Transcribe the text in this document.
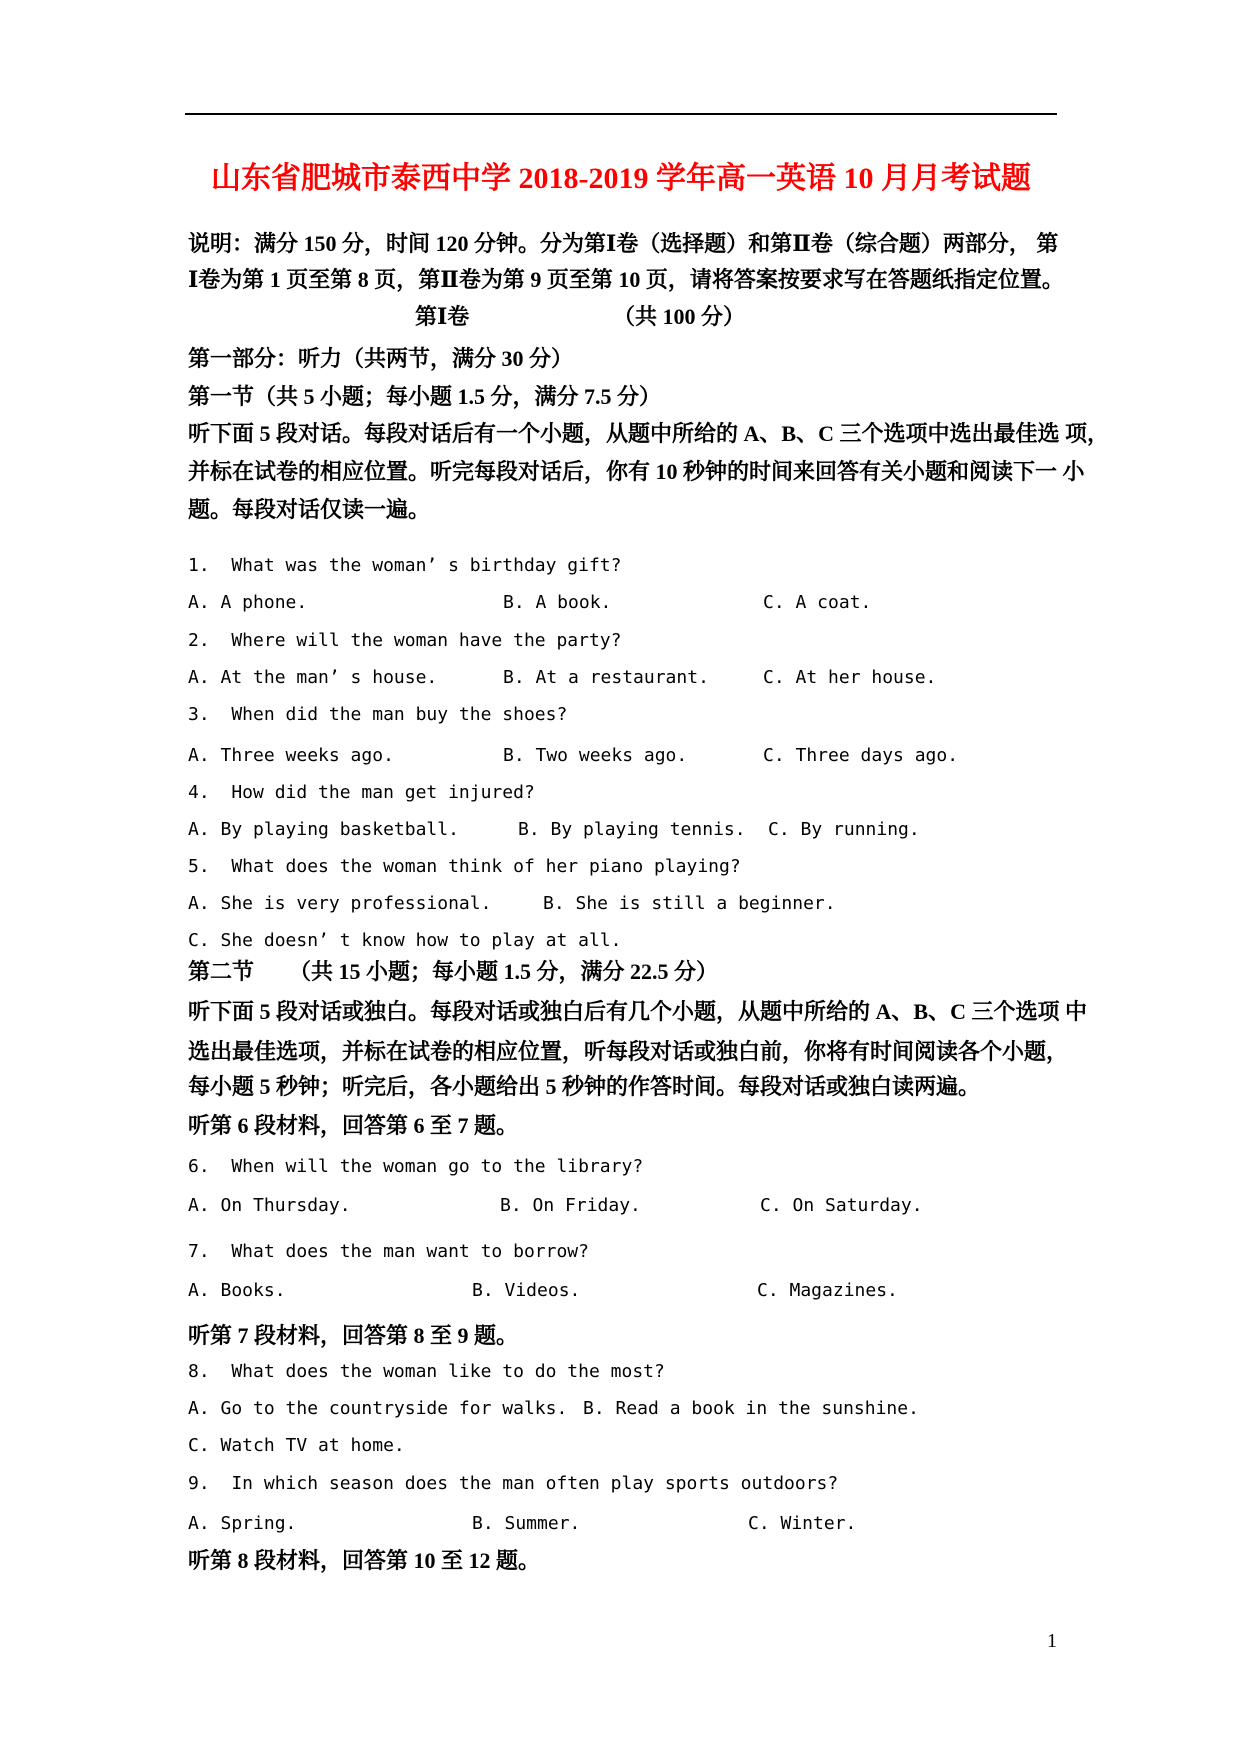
山东省肥城市泰西中学 2018-2019 学年高一英语 10 月月考试题
说明：满分 150 分，时间 120 分钟。分为第Ⅰ卷（选择题）和第Ⅱ卷（综合题）两部分， 第
Ⅰ卷为第 1 页至第 8 页，第Ⅱ卷为第 9 页至第 10 页，请将答案按要求写在答题纸指定位置。
第Ⅰ卷	（共 100 分）
第一部分：听力（共两节，满分 30 分）
第一节（共 5 小题；每小题 1.5 分，满分 7.5 分）
听下面 5 段对话。每段对话后有一个小题，从题中所给的 A、B、C 三个选项中选出最佳选 项，
并标在试卷的相应位置。听完每段对话后，你有 10 秒钟的时间来回答有关小题和阅读下一 小
题。每段对话仅读一遍。
1.  What was the woman’ s birthday gift?
A. A phone.	B. A book.	C. A coat.
2.  Where will the woman have the party?
A. At the man’ s house.	B. At a restaurant.	C. At her house.
3.  When did the man buy the shoes?
A. Three weeks ago.	B. Two weeks ago.	C. Three days ago.
4.  How did the man get injured?
A. By playing basketball.	B. By playing tennis. C. By running.
5.  What does the woman think of her piano playing?
A. She is very professional.	B. She is still a beginner.
C. She doesn’ t know how to play at all.
第二节 （共 15 小题；每小题 1.5 分，满分 22.5 分）
听下面 5 段对话或独白。每段对话或独白后有几个小题，从题中所给的 A、B、C 三个选项 中
选出最佳选项，并标在试卷的相应位置，听每段对话或独白前，你将有时间阅读各个小题，
每小题 5 秒钟；听完后，各小题给出 5 秒钟的作答时间。每段对话或独白读两遍。
听第 6 段材料，回答第 6 至 7 题。
6.  When will the woman go to the library?
A. On Thursday.	B. On Friday.	C. On Saturday.
7.  What does the man want to borrow?
A. Books.	B. Videos.	C. Magazines.
听第 7 段材料，回答第 8 至 9 题。
8.  What does the woman like to do the most?
A. Go to the countryside for walks. B. Read a book in the sunshine.
C. Watch TV at home.
9.  In which season does the man often play sports outdoors?
A. Spring.	B. Summer.	C. Winter.
听第 8 段材料，回答第 10 至 12 题。
1
